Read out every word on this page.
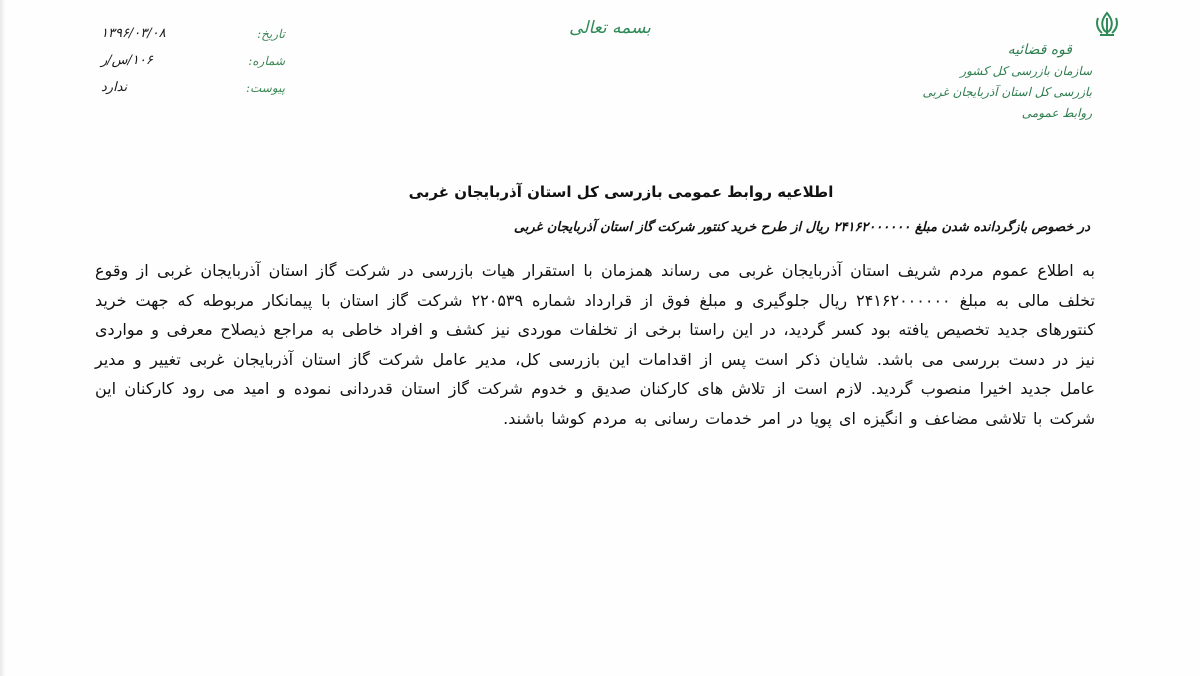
تاریخ:
۱۳۹۶/۰۳/۰۸
شماره:
۱۰۶/س/ر
پیوست:
ندارد
بسمه تعالی
قوه قضائیه
سازمان بازرسی کل کشور
بازرسی کل استان آذربایجان غربی
روابط عمومی
اطلاعیه روابط عمومی بازرسی کل استان آذربایجان غربی
در خصوص بازگردانده شدن مبلغ ۲۴۱۶۲۰۰۰۰۰۰ ریال از طرح خرید کنتور شرکت گاز استان آذربایجان غربی
به اطلاع عموم مردم شریف استان آذربایجان غربی می رساند همزمان با استقرار هیات بازرسی در شرکت گاز استان آذربایجان غربی از وقوع تخلف مالی به مبلغ ۲۴۱۶۲۰۰۰۰۰۰ ریال جلوگیری و مبلغ فوق از قرارداد شماره ۲۲۰۵۳۹ شرکت گاز استان با پیمانکار مربوطه که جهت خرید کنتورهای جدید تخصیص یافته بود کسر گردید، در این راستا برخی از تخلفات موردی نیز کشف و افراد خاطی به مراجع ذیصلاح معرفی و مواردی نیز در دست بررسی می باشد. شایان ذکر است پس از اقدامات این بازرسی کل، مدیر عامل شرکت گاز استان آذربایجان غربی تغییر و مدیر عامل جدید اخیرا منصوب گردید. لازم است از تلاش های کارکنان صدیق و خدوم شرکت گاز استان قدردانی نموده و امید می رود کارکنان این شرکت با تلاشی مضاعف و انگیزه ای پویا در امر خدمات رسانی به مردم کوشا باشند.
